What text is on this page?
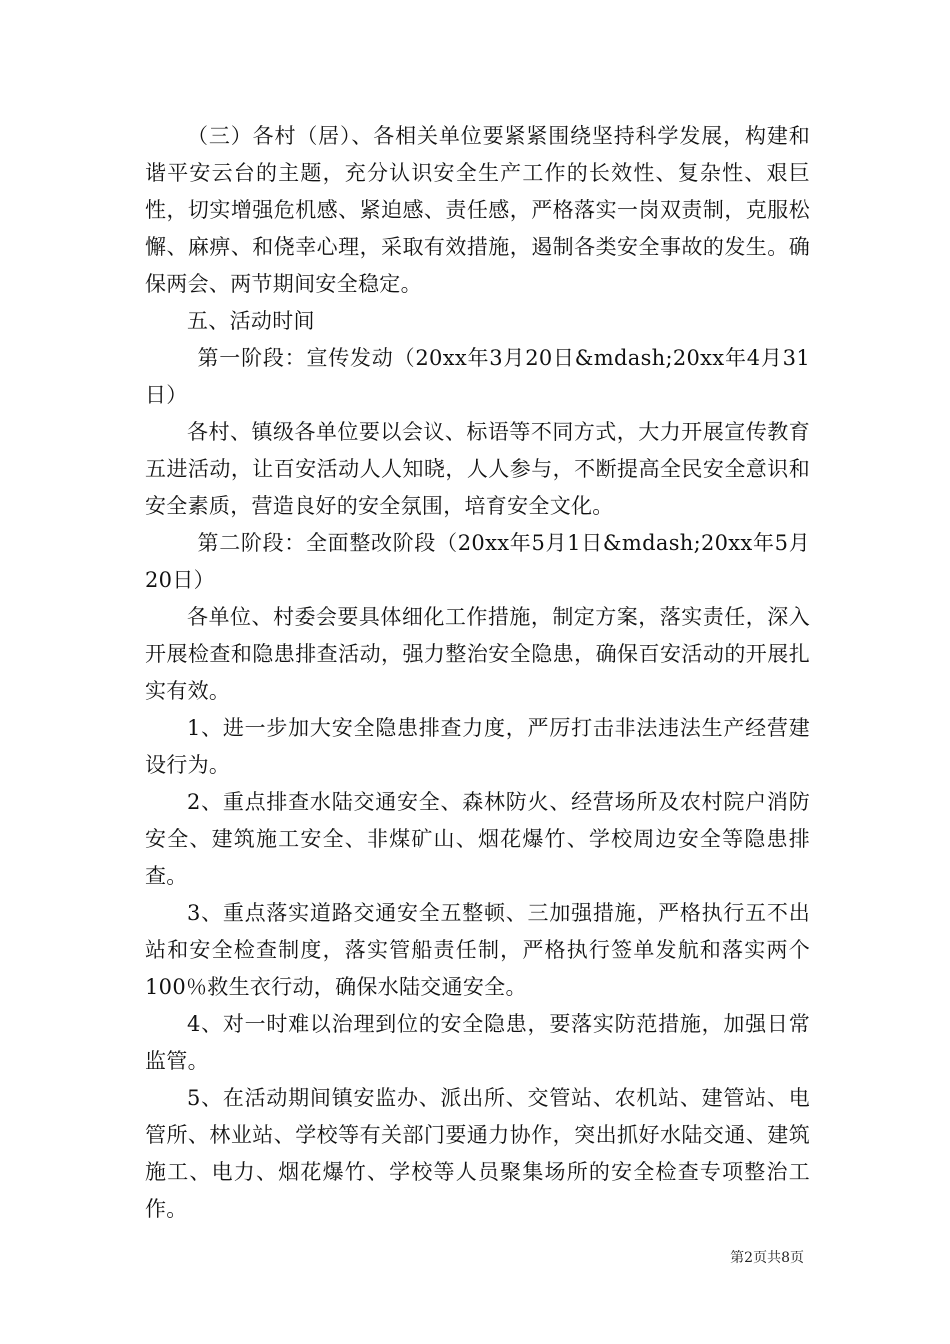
（三）各村（居）、各相关单位要紧紧围绕坚持科学发展，构建和谐平安云台的主题，充分认识安全生产工作的长效性、复杂性、艰巨性，切实增强危机感、紧迫感、责任感，严格落实一岗双责制，克服松懈、麻痹、和侥幸心理，采取有效措施，遏制各类安全事故的发生。确保两会、两节期间安全稳定。

五、活动时间

第一阶段：宣传发动（20xx年3月20日&mdash;20xx年4月31日）

各村、镇级各单位要以会议、标语等不同方式，大力开展宣传教育五进活动，让百安活动人人知晓，人人参与，不断提高全民安全意识和安全素质，营造良好的安全氛围，培育安全文化。

第二阶段：全面整改阶段（20xx年5月1日&mdash;20xx年5月20日）

各单位、村委会要具体细化工作措施，制定方案，落实责任，深入开展检查和隐患排查活动，强力整治安全隐患，确保百安活动的开展扎实有效。

1、进一步加大安全隐患排查力度，严厉打击非法违法生产经营建设行为。

2、重点排查水陆交通安全、森林防火、经营场所及农村院户消防安全、建筑施工安全、非煤矿山、烟花爆竹、学校周边安全等隐患排查。

3、重点落实道路交通安全五整顿、三加强措施，严格执行五不出站和安全检查制度，落实管船责任制，严格执行签单发航和落实两个100％救生衣行动，确保水陆交通安全。

4、对一时难以治理到位的安全隐患，要落实防范措施，加强日常监管。

5、在活动期间镇安监办、派出所、交管站、农机站、建管站、电管所、林业站、学校等有关部门要通力协作，突出抓好水陆交通、建筑施工、电力、烟花爆竹、学校等人员聚集场所的安全检查专项整治工作。

第2页共8页
